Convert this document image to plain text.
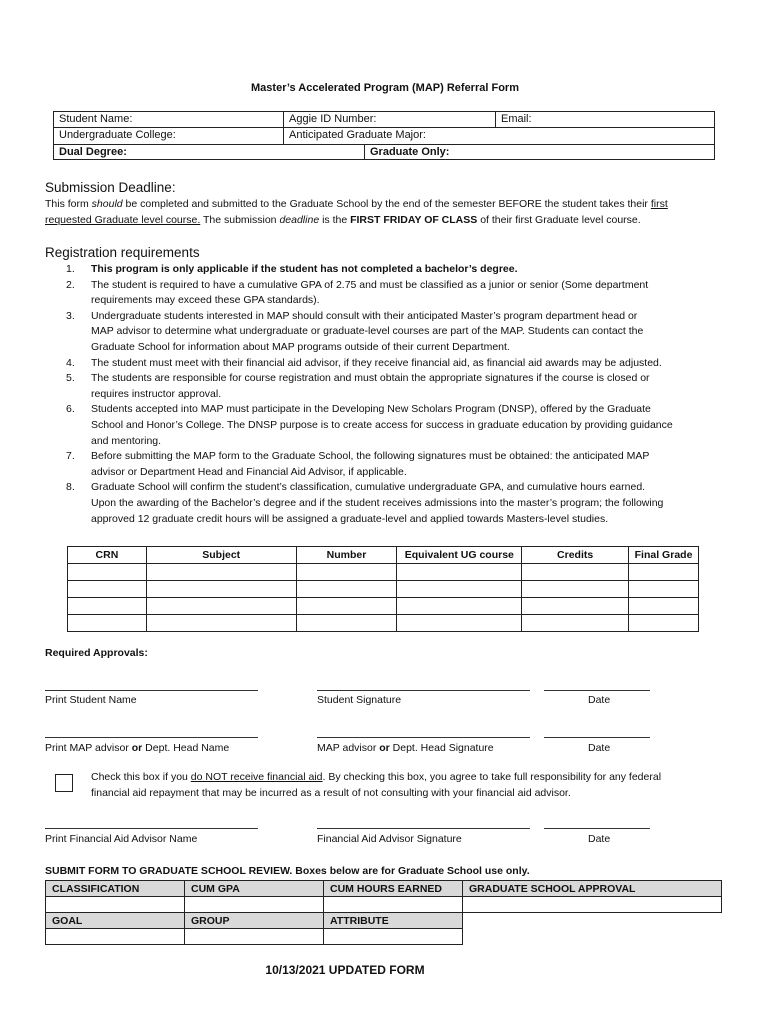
Master’s Accelerated Program (MAP) Referral Form
Student Name:	Aggie ID Number:	Email:
Undergraduate College:	Anticipated Graduate Major:
Dual Degree:	Graduate Only:
Submission Deadline:
This form should be completed and submitted to the Graduate School by the end of the semester BEFORE the student takes their first
requested Graduate level course. The submission deadline is the FIRST FRIDAY OF CLASS of their first Graduate level course.
Registration requirements
1. This program is only applicable if the student has not completed a bachelor’s degree.
2. The student is required to have a cumulative GPA of 2.75 and must be classified as a junior or senior (Some department
requirements may exceed these GPA standards).
3. Undergraduate students interested in MAP should consult with their anticipated Master’s program department head or
MAP advisor to determine what undergraduate or graduate-level courses are part of the MAP. Students can contact the
Graduate School for information about MAP programs outside of their current Department.
4. The student must meet with their financial aid advisor, if they receive financial aid, as financial aid awards may be adjusted.
5. The students are responsible for course registration and must obtain the appropriate signatures if the course is closed or
requires instructor approval.
6. Students accepted into MAP must participate in the Developing New Scholars Program (DNSP), offered by the Graduate
School and Honor’s College. The DNSP purpose is to create access for success in graduate education by providing guidance
and mentoring.
7. Before submitting the MAP form to the Graduate School, the following signatures must be obtained: the anticipated MAP
advisor or Department Head and Financial Aid Advisor, if applicable.
8. Graduate School will confirm the student’s classification, cumulative undergraduate GPA, and cumulative hours earned.
Upon the awarding of the Bachelor’s degree and if the student receives admissions into the master’s program; the following
approved 12 graduate credit hours will be assigned a graduate-level and applied towards Masters-level studies.
CRN	Subject	Number	Equivalent UG course	Credits	Final Grade

Required Approvals:
Print Student Name	Student Signature	Date
Print MAP advisor or Dept. Head Name	MAP advisor or Dept. Head Signature	Date
Check this box if you do NOT receive financial aid. By checking this box, you agree to take full responsibility for any federal
financial aid repayment that may be incurred as a result of not consulting with your financial aid advisor.
Print Financial Aid Advisor Name	Financial Aid Advisor Signature	Date
SUBMIT FORM TO GRADUATE SCHOOL REVIEW. Boxes below are for Graduate School use only.
CLASSIFICATION	CUM GPA	CUM HOURS EARNED	GRADUATE SCHOOL APPROVAL

GOAL	GROUP	ATTRIBUTE	

10/13/2021 UPDATED FORM
